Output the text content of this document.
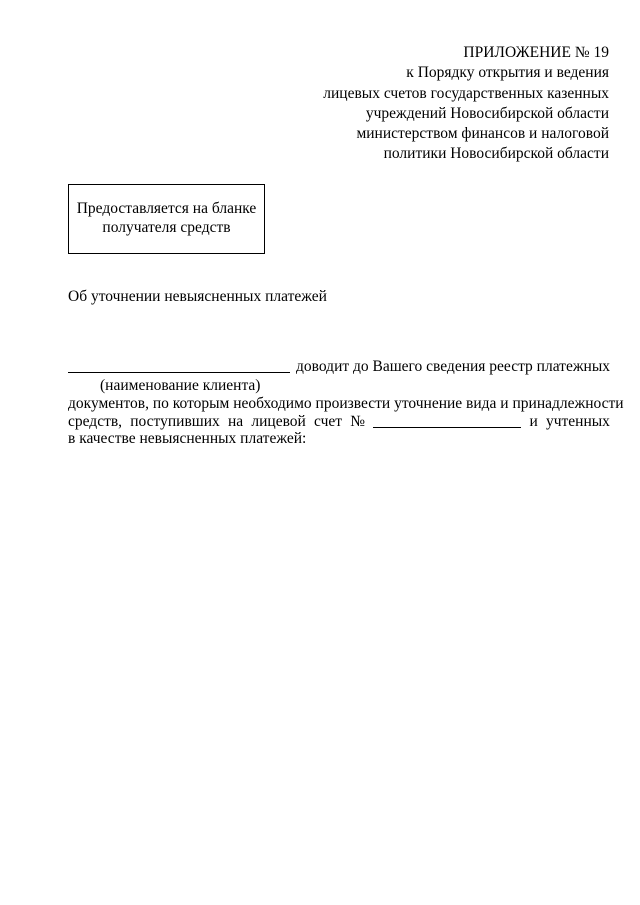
ПРИЛОЖЕНИЕ № 19
к Порядку открытия и ведения
лицевых счетов государственных казенных
учреждений Новосибирской области
министерством финансов и налоговой
политики Новосибирской области
Предоставляется на бланке получателя средств
Об уточнении невыясненных платежей
доводит до Вашего сведения реестр платежных
(наименование клиента)
документов, по которым необходимо произвести уточнение вида и принадлежности
средств, поступивших на лицевой счет №	и учтенных
в качестве невыясненных платежей:
